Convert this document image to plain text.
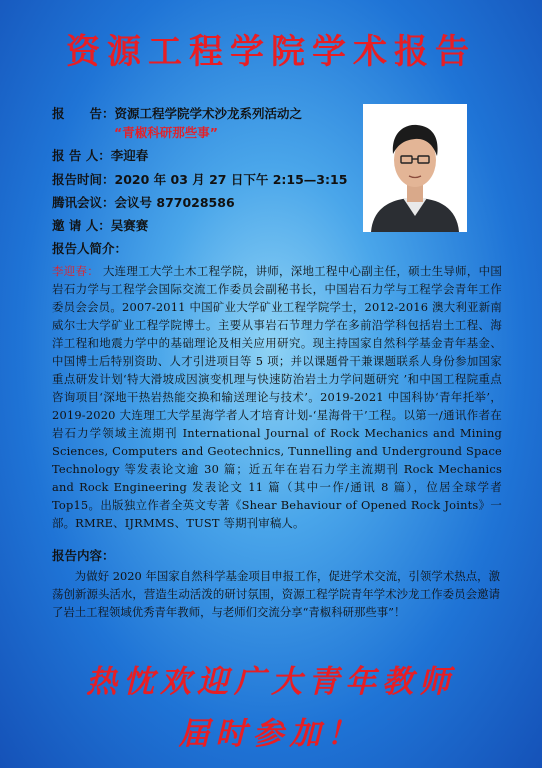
资源工程学院学术报告
报　　告：资源工程学院学术沙龙系列活动之
“青椒科研那些事”
报 告 人：李迎春
报告时间：2020 年 03 月 27 日下午 2:15—3:15
腾讯会议：会议号 877028586
邀 请 人：吴赛赛
报告人简介：
李迎春： 大连理工大学土木工程学院，讲师，深地工程中心副主任，硕士生导师，中国岩石力学与工程学会国际交流工作委员会副秘书长，中国岩石力学与工程学会青年工作委员会会员。2007-2011 中国矿业大学矿业工程学院学士，2012-2016 澳大利亚新南威尔士大学矿业工程学院博士。主要从事岩石节理力学在多前沿学科包括岩土工程、海洋工程和地震力学中的基础理论及相关应用研究。现主持国家自然科学基金青年基金、中国博士后特别资助、人才引进项目等 5 项；并以课题骨干兼课题联系人身份参加国家重点研发计划‘特大滑坡成因演变机理与快速防治岩土力学问题研究 ’和中国工程院重点咨询项目‘深地干热岩热能交换和输送理论与技术’。2019-2021 中国科协‘青年托举’，2019-2020 大连理工大学星海学者人才培育计划-‘星海骨干’工程。以第一/通讯作者在岩石力学领域主流期刊 International Journal of Rock Mechanics and Mining Sciences, Computers and Geotechnics, Tunnelling and Underground Space Technology 等发表论文逾 30 篇；近五年在岩石力学主流期刊 Rock Mechanics and Rock Engineering 发表论文 11 篇（其中一作/通讯 8 篇），位居全球学者 Top15。出版独立作者全英文专著《Shear Behaviour of Opened Rock Joints》一部。RMRE、IJRMMS、TUST 等期刊审稿人。
报告内容：
为做好 2020 年国家自然科学基金项目申报工作，促进学术交流，引领学术热点，激荡创新源头活水，营造生动活泼的研讨氛围，资源工程学院青年学术沙龙工作委员会邀请了岩土工程领域优秀青年教师，与老师们交流分享“青椒科研那些事”！
热忱欢迎广大青年教师
届时参加！
